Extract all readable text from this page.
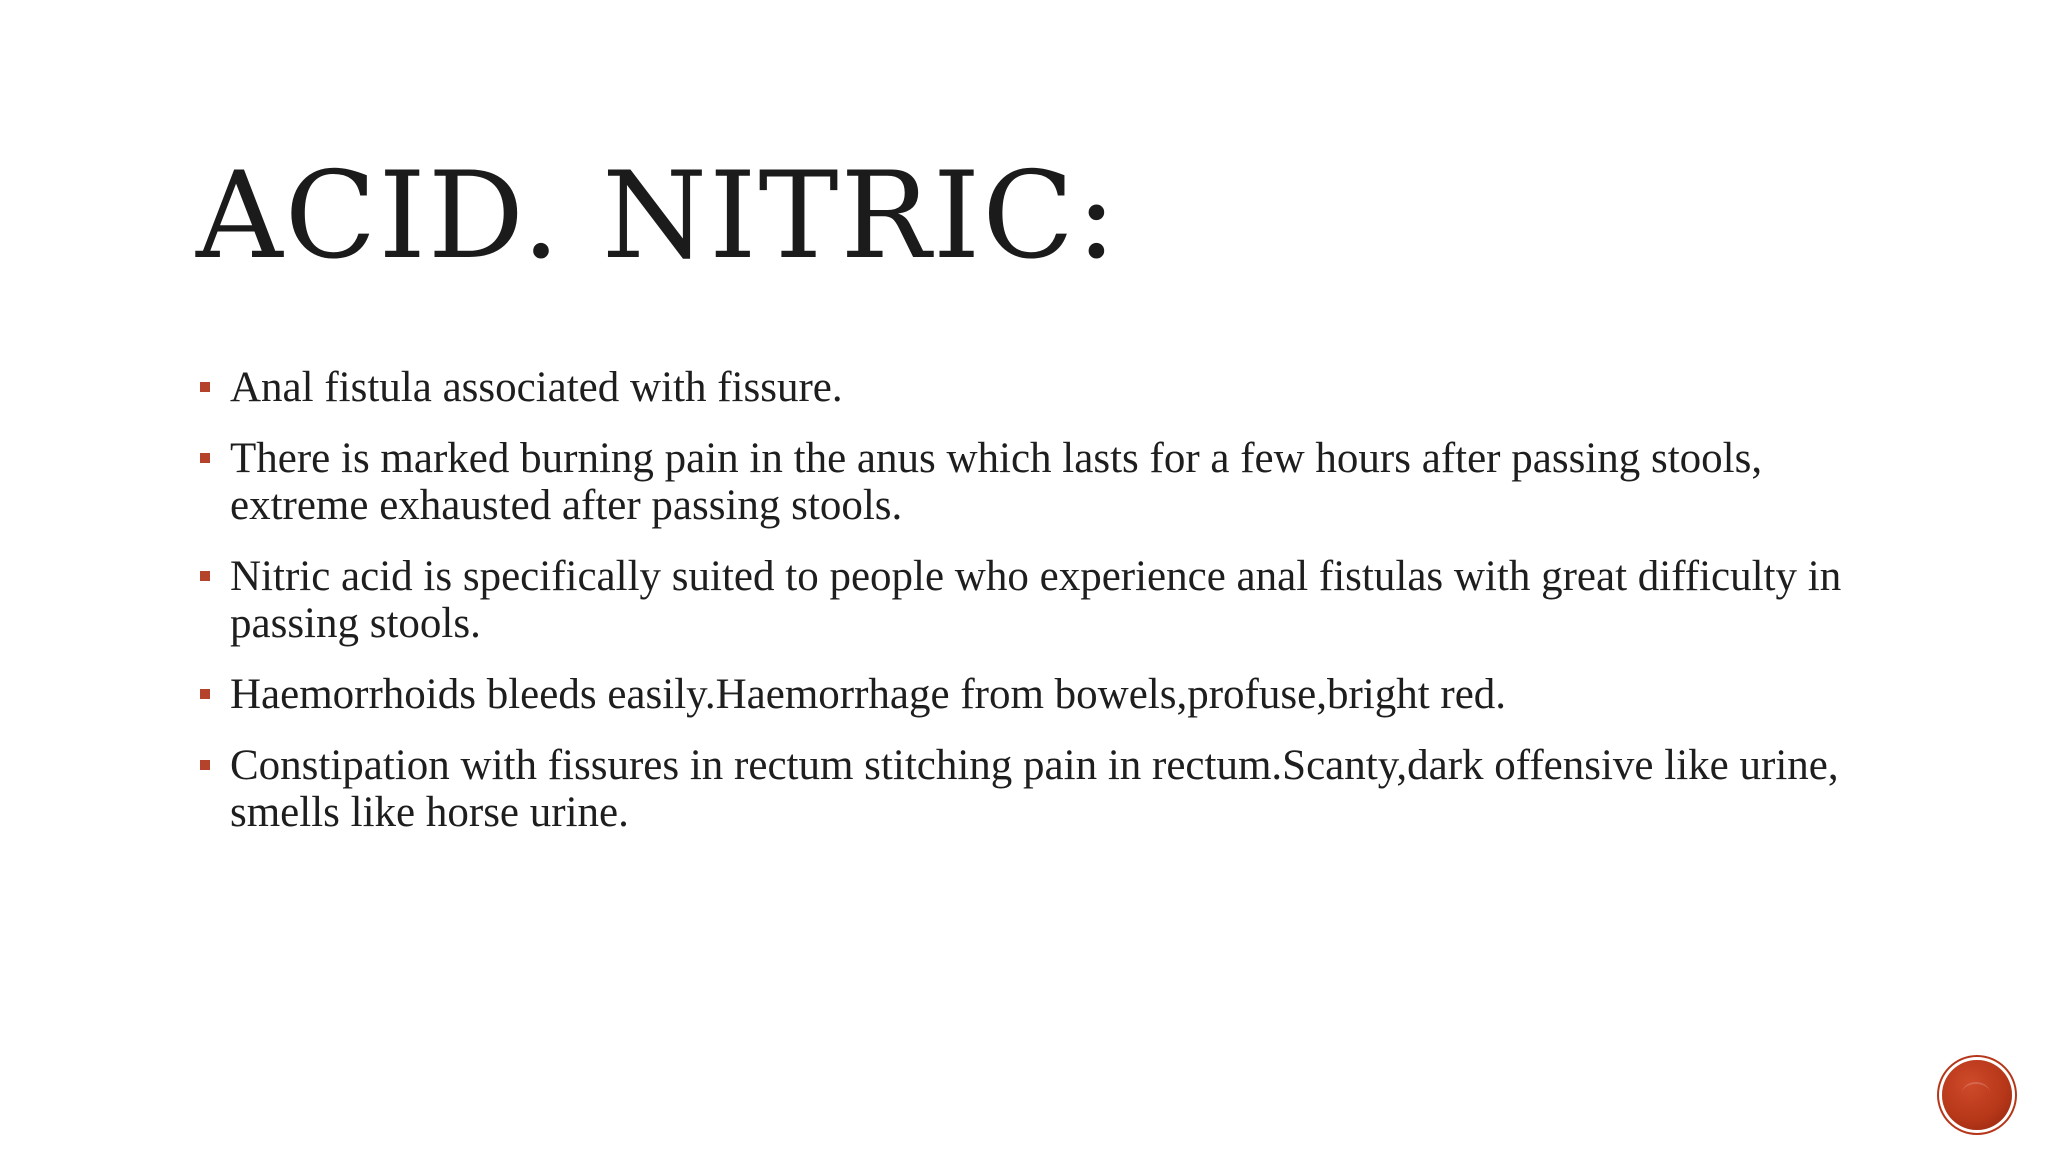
ACID. NITRIC:
Anal fistula associated with fissure.
There is marked burning pain in the anus which lasts for a few hours after passing stools, extreme exhausted after passing stools.
Nitric acid is specifically suited to people who experience anal fistulas with great difficulty in passing stools.
Haemorrhoids bleeds easily.Haemorrhage from bowels,profuse,bright red.
Constipation with fissures in rectum stitching pain in rectum.Scanty,dark offensive like urine, smells like horse urine.
